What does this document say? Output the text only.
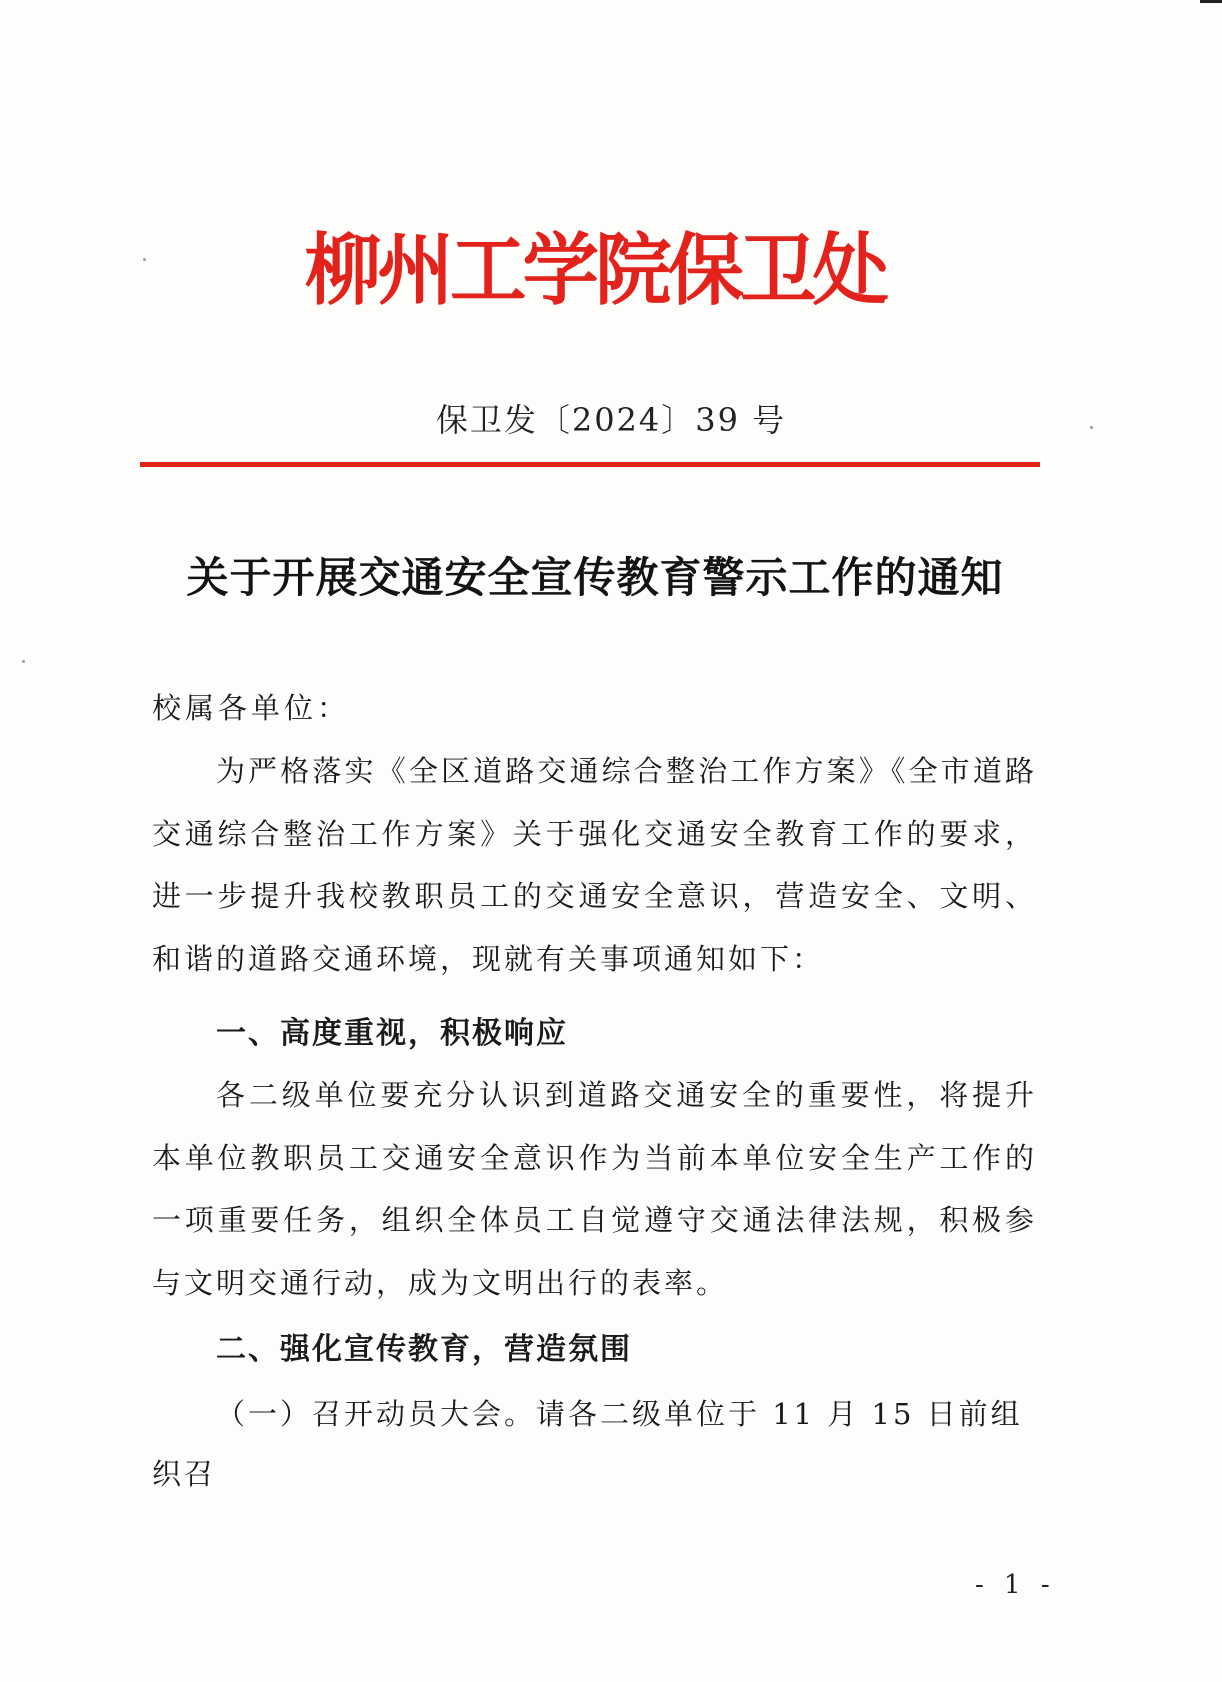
柳州工学院保卫处
保卫发〔2024〕39 号
关于开展交通安全宣传教育警示工作的通知
校属各单位：
为严格落实《全区道路交通综合整治工作方案》《全市道路交通综合整治工作方案》关于强化交通安全教育工作的要求，进一步提升我校教职员工的交通安全意识，营造安全、文明、和谐的道路交通环境，现就有关事项通知如下：
一、高度重视，积极响应
各二级单位要充分认识到道路交通安全的重要性，将提升本单位教职员工交通安全意识作为当前本单位安全生产工作的一项重要任务，组织全体员工自觉遵守交通法律法规，积极参与文明交通行动，成为文明出行的表率。
二、强化宣传教育，营造氛围
（一）召开动员大会。请各二级单位于 11 月 15 日前组织召
- 1 -
